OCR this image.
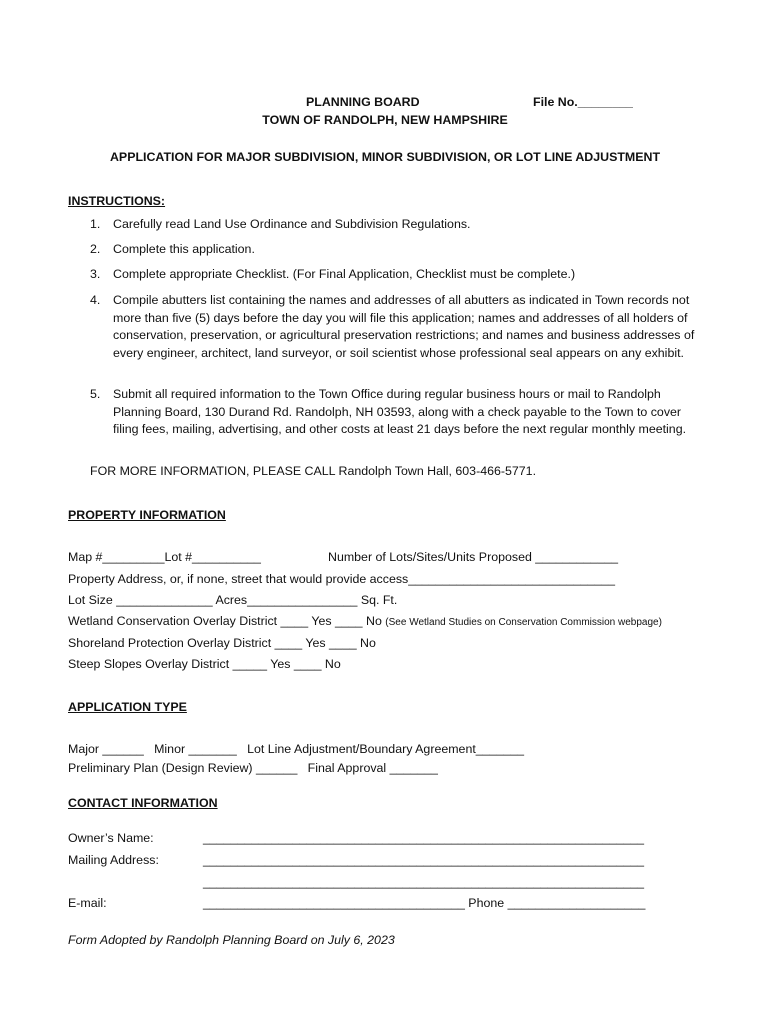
PLANNING BOARD	File No.________
TOWN OF RANDOLPH, NEW HAMPSHIRE
APPLICATION FOR MAJOR SUBDIVISION, MINOR SUBDIVISION, OR LOT LINE ADJUSTMENT
INSTRUCTIONS:
1. Carefully read Land Use Ordinance and Subdivision Regulations.
2. Complete this application.
3. Complete appropriate Checklist. (For Final Application, Checklist must be complete.)
4. Compile abutters list containing the names and addresses of all abutters as indicated in Town records not more than five (5) days before the day you will file this application; names and addresses of all holders of conservation, preservation, or agricultural preservation restrictions; and names and business addresses of every engineer, architect, land surveyor, or soil scientist whose professional seal appears on any exhibit.
5. Submit all required information to the Town Office during regular business hours or mail to Randolph Planning Board, 130 Durand Rd. Randolph, NH 03593, along with a check payable to the Town to cover filing fees, mailing, advertising, and other costs at least 21 days before the next regular monthly meeting.
FOR MORE INFORMATION, PLEASE CALL Randolph Town Hall, 603-466-5771.
PROPERTY INFORMATION
Map #_________Lot #__________	Number of Lots/Sites/Units Proposed ____________
Property Address, or, if none, street that would provide access______________________________
Lot Size ______________ Acres________________ Sq. Ft.
Wetland Conservation Overlay District ____ Yes ____ No (See Wetland Studies on Conservation Commission webpage)
Shoreland Protection Overlay District ____ Yes ____ No
Steep Slopes Overlay District _____ Yes ____ No
APPLICATION TYPE
Major ______   Minor _______   Lot Line Adjustment/Boundary Agreement_______
Preliminary Plan (Design Review) ______   Final Approval _______
CONTACT INFORMATION
Owner’s Name:	________________________________________________________________
Mailing Address:	________________________________________________________________
________________________________________________________________
E-mail:	______________________________________ Phone ____________________
Form Adopted by Randolph Planning Board on July 6, 2023
